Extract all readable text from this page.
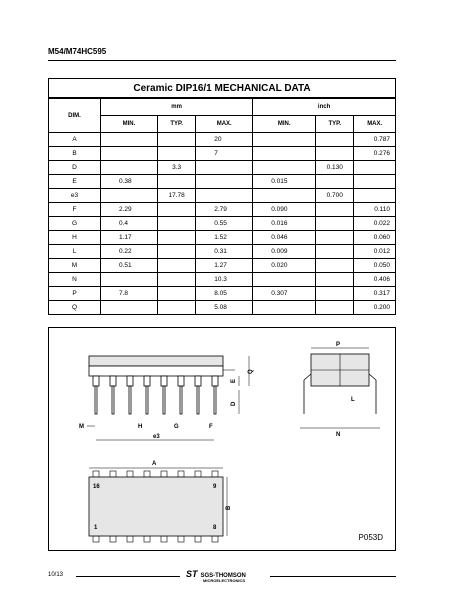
M54/M74HC595
Ceramic DIP16/1 MECHANICAL DATA
DIM.	mm			inch		
	MIN.	TYP.	MAX.	MIN.	TYP.	MAX.
A			20			0.787
B			7			0.276
D		3.3			0.130	
E	0.38			0.015		
e3		17.78			0.700	
F	2.29		2.79	0.090		0.110
G	0.4		0.55	0.016		0.022
H	1.17		1.52	0.046		0.060
L	0.22		0.31	0.009		0.012
M	0.51		1.27	0.020		0.050
N			10.3			0.406
P	7.8		8.05	0.307		0.317
Q			5.08			0.200
E
Q
D
M	H	G	F
e3
P
L
N
A
16	9
1	8
B
P053D
10/13	ST SGS-THOMSON
MICROELECTRONICS
